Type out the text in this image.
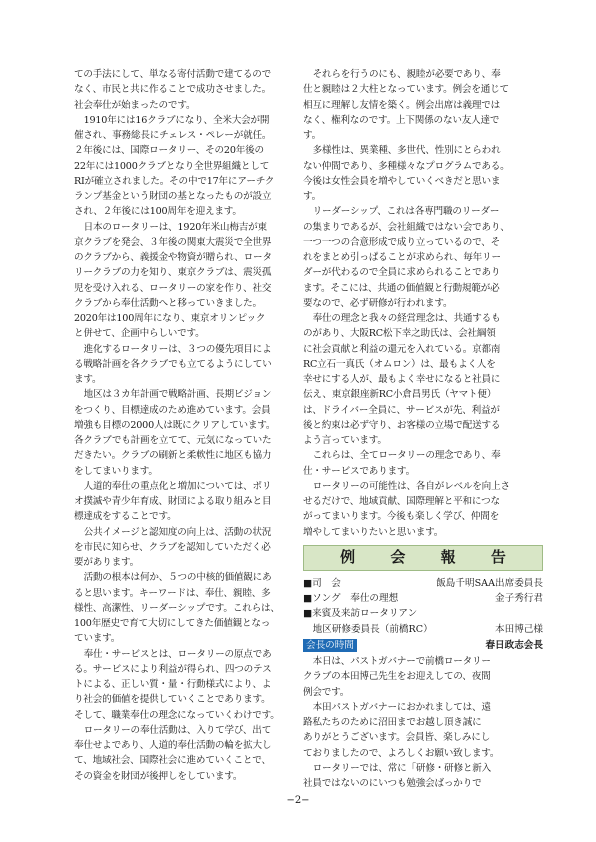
ての手法にして、単なる寄付活動で建てるので
なく、市民と共に作ることで成功させました。
社会奉仕が始まったのです。

1910年には16クラブになり、全米大会が開
催され、事務総長にチェレス・ペレーが就任。
２年後には、国際ロータリー、その20年後の
22年には1000クラブとなり全世界組織として
RIが確立されました。その中で17年にアーチク
ランプ基金という財団の基となったものが設立
され、２年後には100周年を迎えます。

日本のロータリーは、1920年米山梅吉が東
京クラブを発会、３年後の関東大震災で全世界
のクラブから、義援金や物資が贈られ、ロータ
リークラブの力を知り、東京クラブは、震災孤
児を受け入れる、ロータリーの家を作り、社交
クラブから奉仕活動へと移っていきました。
2020年は100周年になり、東京オリンピック
と併せて、企画中らしいです。

進化するロータリーは、３つの優先項目によ
る戦略計画を各クラブでも立てるようにしてい
ます。

地区は３カ年計画で戦略計画、長期ビジョン
をつくり、目標達成のため進めています。会員
増強も目標の2000人は既にクリアしています。
各クラブでも計画を立てて、元気になっていた
だきたい。クラブの刷新と柔軟性に地区も協力
をしてまいります。

人道的奉仕の重点化と増加については、ポリ
オ撲滅や青少年育成、財団による取り組みと目
標達成をすることです。

公共イメージと認知度の向上は、活動の状況
を市民に知らせ、クラブを認知していただく必
要があります。

活動の根本は何か、５つの中核的価値観にあ
ると思います。キーワードは、奉仕、親睦、多
様性、高潔性、リーダーシップです。これらは、
100年歴史で育て大切にしてきた価値観となっ
ています。

奉仕・サービスとは、ロータリーの原点であ
る。サービスにより利益が得られ、四つのテス
トによる、正しい質・量・行動様式により、よ
り社会的価値を提供していくことであります。
そして、職業奉仕の理念になっていくわけです。

ロータリーの奉仕活動は、入りて学び、出て
奉仕せよであり、人道的奉仕活動の輪を拡大し
て、地域社会、国際社会に進めていくことで、
その資金を財団が後押しをしています。

それらを行うのにも、親睦が必要であり、奉
仕と親睦は２大柱となっています。例会を通じて
相互に理解し友情を築く。例会出席は義理では
なく、権利なのです。上下関係のない友人達で
す。

多様性は、異業種、多世代、性別にとらわれ
ない仲間であり、多種様々なプログラムである。
今後は女性会員を増やしていくべきだと思いま
す。

リーダーシップ、これは各専門職のリーダー
の集まりであるが、会社組織ではない会であり、
一つ一つの合意形成で成り立っているので、そ
れをまとめ引っぱることが求められ、毎年リー
ダーが代わるので全員に求められることであり
ます。そこには、共通の価値観と行動規範が必
要なので、必ず研修が行われます。

奉仕の理念と我々の経営理念は、共通するも
のがあり、大阪RC松下幸之助氏は、会社綱領
に社会貢献と利益の還元を入れている。京都南
RC立石一真氏（オムロン）は、最もよく人を
幸せにする人が、最もよく幸せになると社員に
伝え、東京銀座新RC小倉昌男氏（ヤマト便）
は、ドライバー全員に、サービスが先、利益が
後と約束は必ず守り、お客様の立場で配送する
よう言っています。

これらは、全てロータリーの理念であり、奉
仕・サービスであります。

ロータリーの可能性は、各自がレベルを向上さ
せるだけで、地域貢献、国際理解と平和につな
がってまいります。今後も楽しく学び、仲間を
増やしてまいりたいと思います。

例 会 報 告
■司　会	飯島千明SAA出席委員長
■ソング　奉仕の理想	金子秀行君
■来賓及来訪ロータリアン
地区研修委員長（前橋RC）	本田博己様
会長の時間	春日政志会長

本日は、パストガバナーで前橋ロータリー
クラブの本田博己先生をお迎えしての、夜間
例会です。

本田パストガバナーにおかれましては、遠
路私たちのために沼田までお越し頂き誠に
ありがとうございます。会員皆、楽しみにし
ておりましたので、よろしくお願い致します。

ロータリーでは、常に「研修・研修と新入
社員ではないのにいつも勉強会ばっかりで

−2−
